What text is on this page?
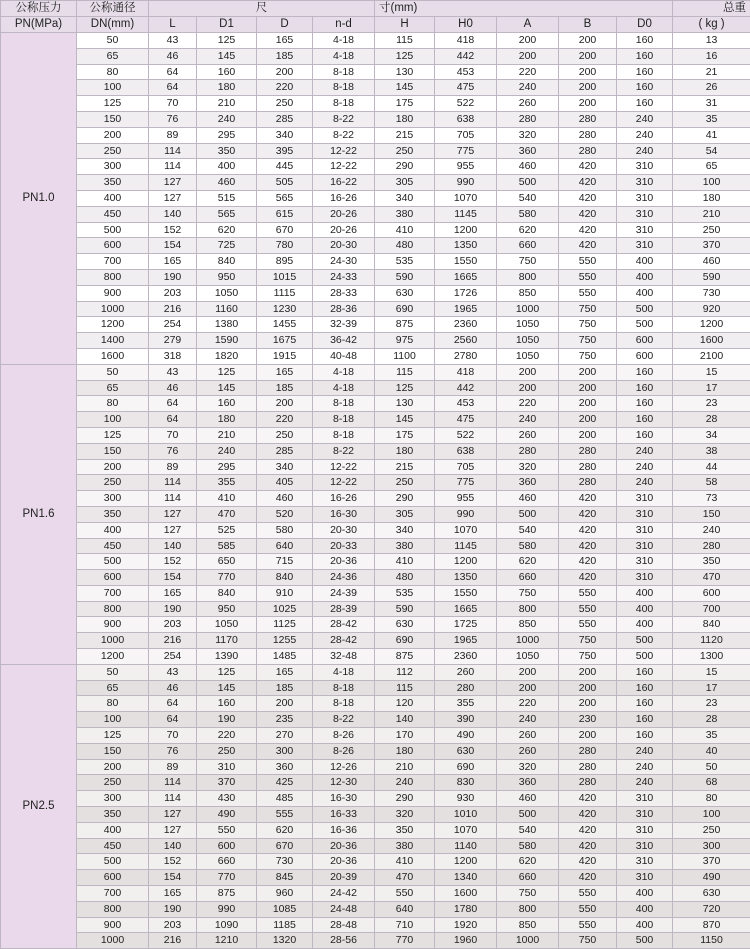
公称压力	公称通径	尺				寸(mm)					总重
PN(MPa)	DN(mm)	L	D1	D	n-d	H	H0	A	B	D0	( kg )
PN1.0	50	43	125	165	4-18	115	418	200	200	160	13
	65	46	145	185	4-18	125	442	200	200	160	16
	80	64	160	200	8-18	130	453	220	200	160	21
	100	64	180	220	8-18	145	475	240	200	160	26
	125	70	210	250	8-18	175	522	260	200	160	31
	150	76	240	285	8-22	180	638	280	280	240	35
	200	89	295	340	8-22	215	705	320	280	240	41
	250	114	350	395	12-22	250	775	360	280	240	54
	300	114	400	445	12-22	290	955	460	420	310	65
	350	127	460	505	16-22	305	990	500	420	310	100
	400	127	515	565	16-26	340	1070	540	420	310	180
	450	140	565	615	20-26	380	1145	580	420	310	210
	500	152	620	670	20-26	410	1200	620	420	310	250
	600	154	725	780	20-30	480	1350	660	420	310	370
	700	165	840	895	24-30	535	1550	750	550	400	460
	800	190	950	1015	24-33	590	1665	800	550	400	590
	900	203	1050	1115	28-33	630	1726	850	550	400	730
	1000	216	1160	1230	28-36	690	1965	1000	750	500	920
	1200	254	1380	1455	32-39	875	2360	1050	750	500	1200
	1400	279	1590	1675	36-42	975	2560	1050	750	600	1600
	1600	318	1820	1915	40-48	1100	2780	1050	750	600	2100
PN1.6	50	43	125	165	4-18	115	418	200	200	160	15
	65	46	145	185	4-18	125	442	200	200	160	17
	80	64	160	200	8-18	130	453	220	200	160	23
	100	64	180	220	8-18	145	475	240	200	160	28
	125	70	210	250	8-18	175	522	260	200	160	34
	150	76	240	285	8-22	180	638	280	280	240	38
	200	89	295	340	12-22	215	705	320	280	240	44
	250	114	355	405	12-22	250	775	360	280	240	58
	300	114	410	460	16-26	290	955	460	420	310	73
	350	127	470	520	16-30	305	990	500	420	310	150
	400	127	525	580	20-30	340	1070	540	420	310	240
	450	140	585	640	20-33	380	1145	580	420	310	280
	500	152	650	715	20-36	410	1200	620	420	310	350
	600	154	770	840	24-36	480	1350	660	420	310	470
	700	165	840	910	24-39	535	1550	750	550	400	600
	800	190	950	1025	28-39	590	1665	800	550	400	700
	900	203	1050	1125	28-42	630	1725	850	550	400	840
	1000	216	1170	1255	28-42	690	1965	1000	750	500	1120
	1200	254	1390	1485	32-48	875	2360	1050	750	500	1300
PN2.5	50	43	125	165	4-18	112	260	200	200	160	15
	65	46	145	185	8-18	115	280	200	200	160	17
	80	64	160	200	8-18	120	355	220	200	160	23
	100	64	190	235	8-22	140	390	240	230	160	28
	125	70	220	270	8-26	170	490	260	200	160	35
	150	76	250	300	8-26	180	630	260	280	240	40
	200	89	310	360	12-26	210	690	320	280	240	50
	250	114	370	425	12-30	240	830	360	280	240	68
	300	114	430	485	16-30	290	930	460	420	310	80
	350	127	490	555	16-33	320	1010	500	420	310	100
	400	127	550	620	16-36	350	1070	540	420	310	250
	450	140	600	670	20-36	380	1140	580	420	310	300
	500	152	660	730	20-36	410	1200	620	420	310	370
	600	154	770	845	20-39	470	1340	660	420	310	490
	700	165	875	960	24-42	550	1600	750	550	400	630
	800	190	990	1085	24-48	640	1780	800	550	400	720
	900	203	1090	1185	28-48	710	1920	850	550	400	870
	1000	216	1210	1320	28-56	770	1960	1000	750	500	1150
